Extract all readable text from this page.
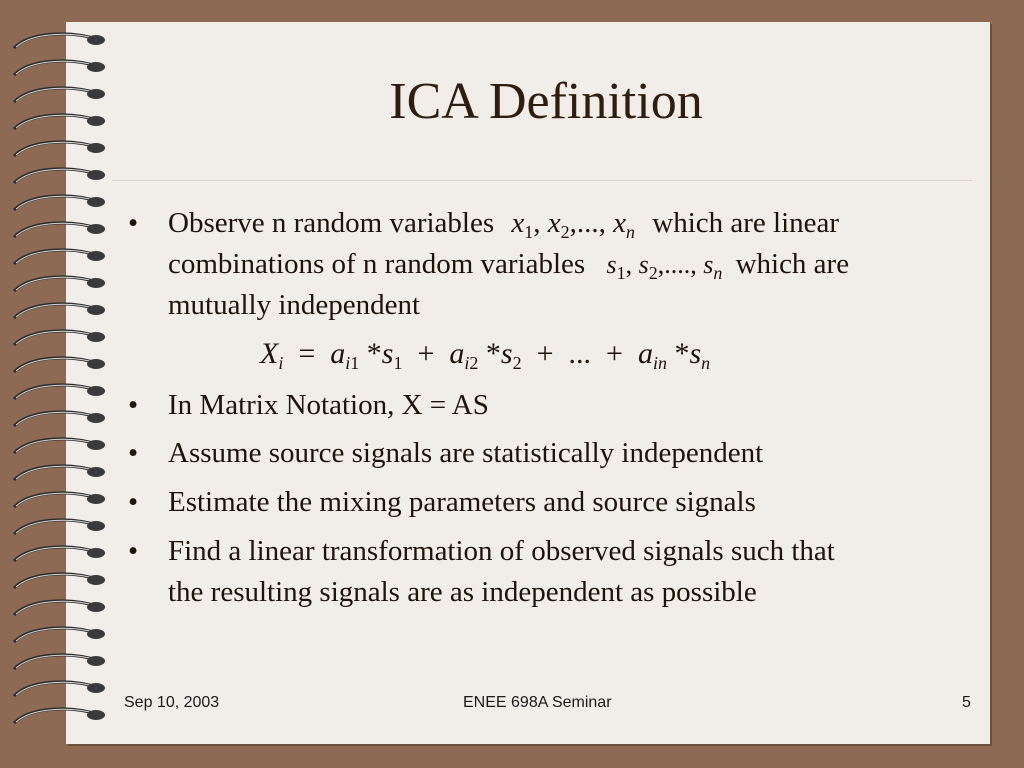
ICA Definition
• Observe n random variables $x_1$, $x_2$,..., $x_n$ which are linear
combinations of n random variables $s_1$, $s_2$,...., $s_n$ which are
mutually independent
$X_i = a_{i1}$ $*s_1 + a_{i2}$ $*s_2$  +  ...  +  $a_{in}$ $*s_n$
• In Matrix Notation, X = AS
• Assume source signals are statistically independent
• Estimate the mixing parameters and source signals
• Find a linear transformation of observed signals such that
the resulting signals are as independent as possible
Sep 10, 2003	ENEE 698A Seminar	5
